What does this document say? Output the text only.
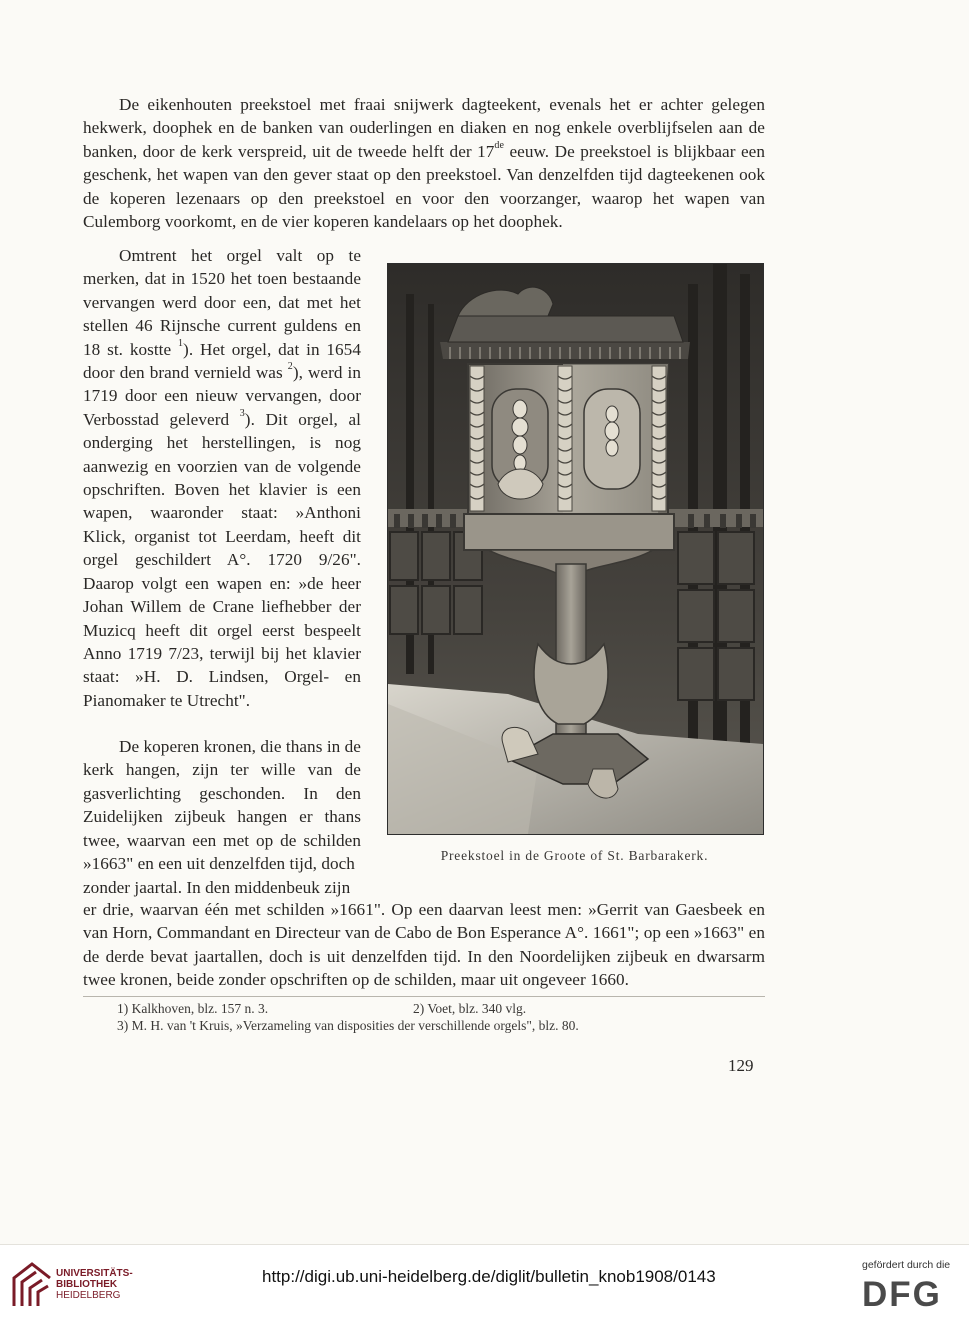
De eikenhouten preekstoel met fraai snijwerk dagteekent, evenals het er achter gelegen hekwerk, doophek en de banken van ouderlingen en diaken en nog enkele overblijfselen aan de banken, door de kerk verspreid, uit de tweede helft der 17de eeuw. De preekstoel is blijkbaar een geschenk, het wapen van den gever staat op den preekstoel. Van denzelfden tijd dagteekenen ook de koperen lezenaars op den preekstoel en voor den voorzanger, waarop het wapen van Culemborg voorkomt, en de vier koperen kandelaars op het doophek.

Omtrent het orgel valt op te merken, dat in 1520 het toen bestaande vervangen werd door een, dat met het stellen 46 Rijnsche current guldens en 18 st. kostte $^1$). Het orgel, dat in 1654 door den brand vernield was $^2$), werd in 1719 door een nieuw vervangen, door Verbosstad geleverd $^3$). Dit orgel, al onderging het herstellingen, is nog aanwezig en voorzien van de volgende opschriften. Boven het klavier is een wapen, waaronder staat: »Anthoni Klick, organist tot Leerdam, heeft dit orgel geschildert A°. 1720 9/26". Daarop volgt een wapen en: »de heer Johan Willem de Crane liefhebber der Muzicq heeft dit orgel eerst bespeelt Anno 1719 7/23, terwijl bij het klavier staat: »H. D. Lindsen, Orgel- en Pianomaker te Utrecht".

De koperen kronen, die thans in de kerk hangen, zijn ter wille van de gasverlichting geschonden. In den Zuidelijken zijbeuk hangen er thans twee, waarvan een met op de schilden »1663" en een uit denzelfden tijd, doch

zonder jaartal. In den middenbeuk zijn

er drie, waarvan één met schilden »1661". Op een daarvan leest men: »Gerrit van Gaesbeek en van Horn, Commandant en Directeur van de Cabo de Bon Esperance A°. 1661"; op een »1663" en de derde bevat jaartallen, doch is uit denzelfden tijd. In den Noordelijken zijbeuk en dwarsarm twee kronen, beide zonder opschriften op de schilden, maar uit ongeveer 1660.

Preekstoel in de Groote of St. Barbarakerk.
1) Kalkhoven, blz. 157 n. 3.	2) Voet, blz. 340 vlg.
3) M. H. van 't Kruis, »Verzameling van disposities der verschillende orgels", blz. 80.
129
UNIVERSITÄTS-
BIBLIOTHEK
HEIDELBERG
http://digi.ub.uni-heidelberg.de/diglit/bulletin_knob1908/0143
gefördert durch die
DFG
